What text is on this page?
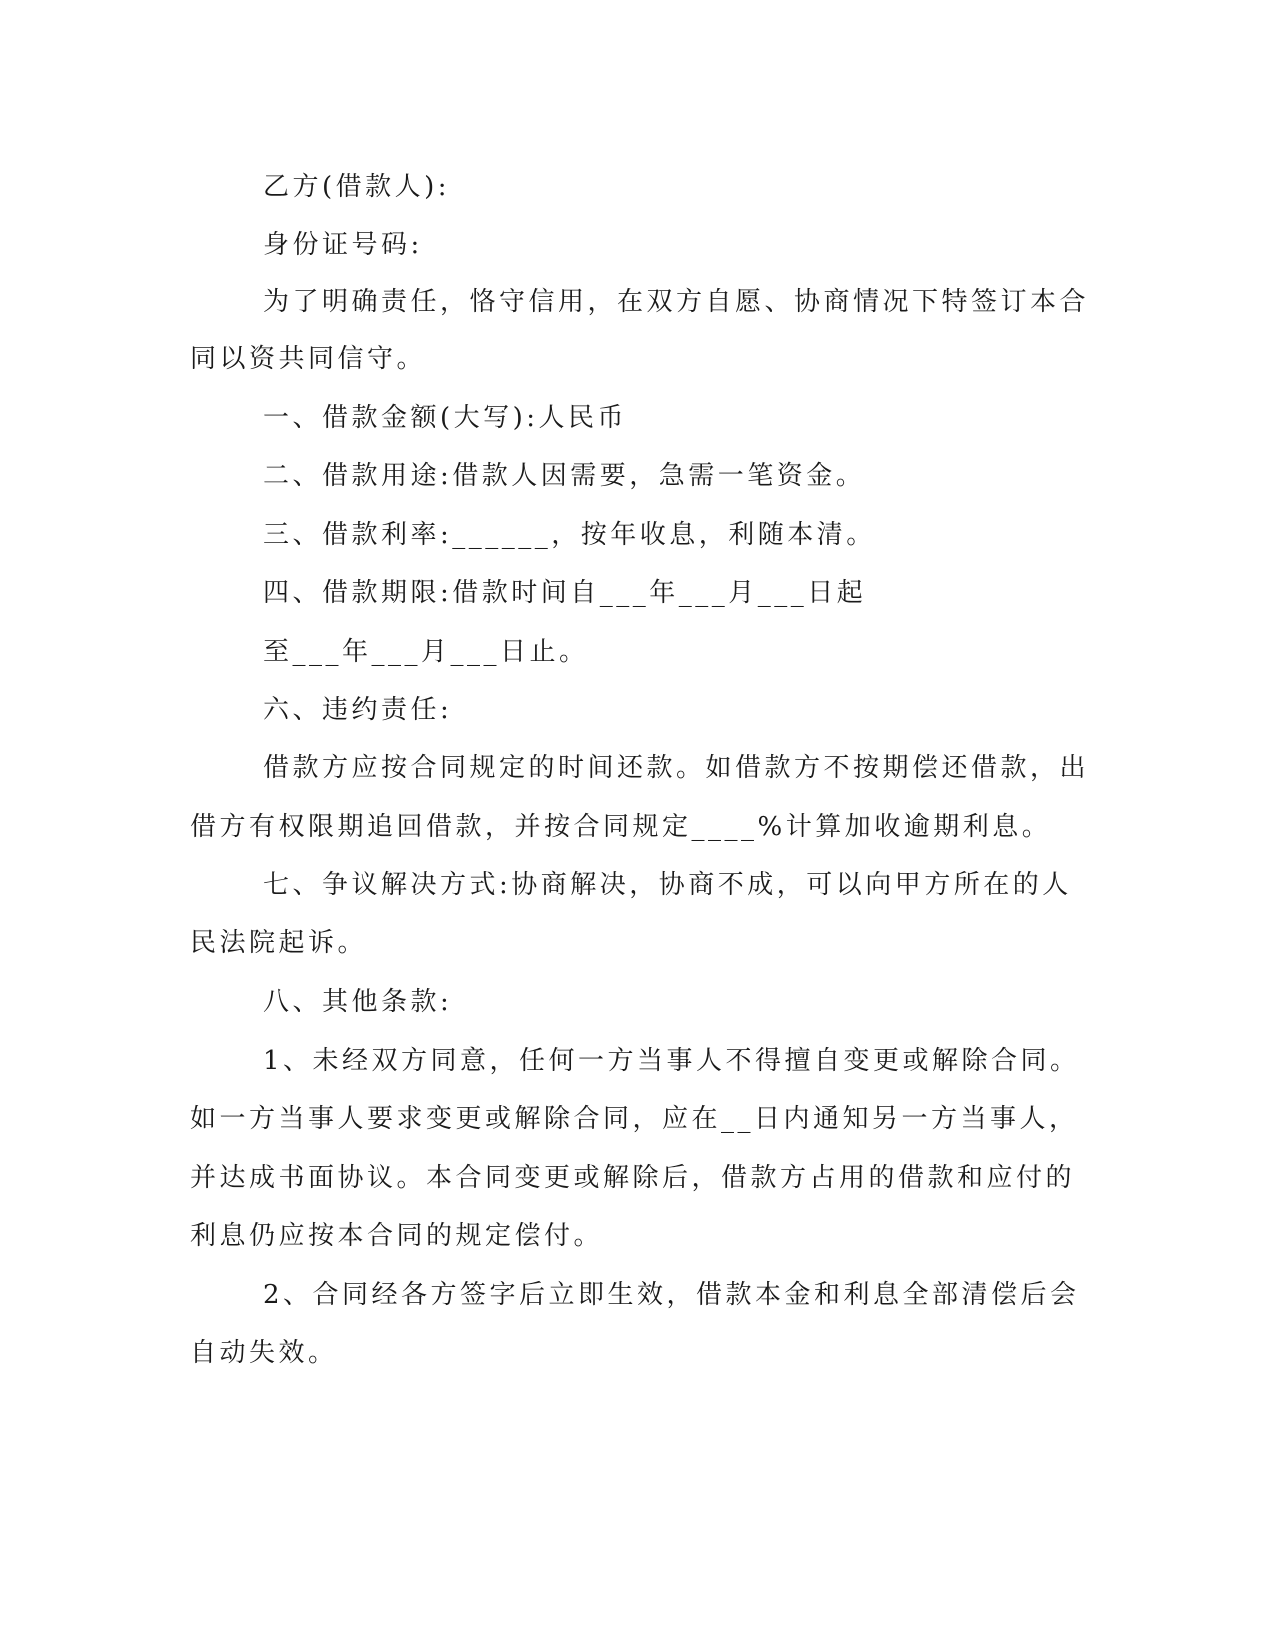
乙方(借款人):
身份证号码:
为了明确责任，恪守信用，在双方自愿、协商情况下特签订本合
同以资共同信守。
一、借款金额(大写):人民币
二、借款用途:借款人因需要，急需一笔资金。
三、借款利率:______，按年收息，利随本清。
四、借款期限:借款时间自___年___月___日起
至___年___月___日止。
六、违约责任:
借款方应按合同规定的时间还款。如借款方不按期偿还借款，出
借方有权限期追回借款，并按合同规定____%计算加收逾期利息。
七、争议解决方式:协商解决，协商不成，可以向甲方所在的人
民法院起诉。
八、其他条款:
1、未经双方同意，任何一方当事人不得擅自变更或解除合同。
如一方当事人要求变更或解除合同，应在__日内通知另一方当事人，
并达成书面协议。本合同变更或解除后，借款方占用的借款和应付的
利息仍应按本合同的规定偿付。
2、合同经各方签字后立即生效，借款本金和利息全部清偿后会
自动失效。
